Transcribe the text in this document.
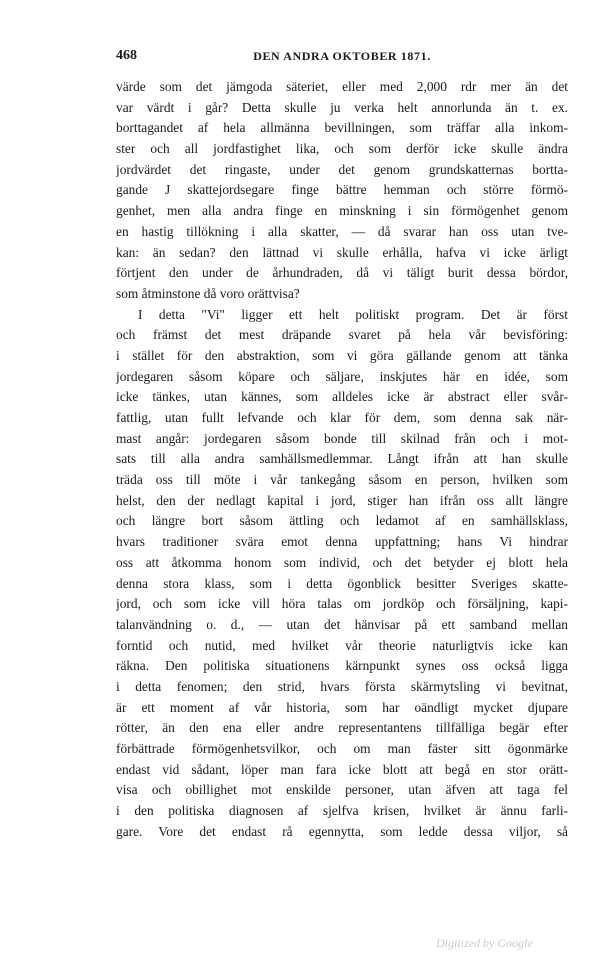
468	DEN ANDRA OKTOBER 1871.
värde som det jämgoda säteriet, eller med 2,000 rdr mer än det
var värdt i går? Detta skulle ju verka helt annorlunda än t. ex.
borttagandet af hela allmänna bevillningen, som träffar alla inkom-
ster och all jordfastighet lika, och som derför icke skulle ändra
jordvärdet det ringaste, under det genom grundskatternas bortta-
gande J skattejordsegare finge bättre hemman och större förmö-
genhet, men alla andra finge en minskning i sin förmögenhet genom
en hastig tillökning i alla skatter, — då svarar han oss utan tve-
kan: än sedan? den lättnad vi skulle erhålla, hafva vi icke ärligt
förtjent den under de århundraden, då vi täligt burit dessa bördor,
som åtminstone då voro orättvisa?
I detta "Vi" ligger ett helt politiskt program. Det är först
och främst det mest dräpande svaret på hela vår bevisföring:
i stället för den abstraktion, som vi göra gällande genom att tänka
jordegaren såsom köpare och säljare, inskjutes här en idée, som
icke tänkes, utan kännes, som alldeles icke är abstract eller svår-
fattlig, utan fullt lefvande och klar för dem, som denna sak när-
mast angår: jordegaren såsom bonde till skilnad från och i mot-
sats till alla andra samhällsmedlemmar. Långt ifrån att han skulle
träda oss till möte i vår tankegång såsom en person, hvilken som
helst, den der nedlagt kapital i jord, stiger han ifrån oss allt längre
och längre bort såsom ättling och ledamot af en samhällsklass,
hvars traditioner svära emot denna uppfattning; hans Vi hindrar
oss att åtkomma honom som individ, och det betyder ej blott hela
denna stora klass, som i detta ögonblick besitter Sveriges skatte-
jord, och som icke vill höra talas om jordköp och försäljning, kapi-
talanvändning o. d., — utan det hänvisar på ett samband mellan
forntid och nutid, med hvilket vår theorie naturligtvis icke kan
räkna. Den politiska situationens kärnpunkt synes oss också ligga
i detta fenomen; den strid, hvars första skärmytsling vi bevitnat,
är ett moment af vår historia, som har oändligt mycket djupare
rötter, än den ena eller andre representantens tillfälliga begär efter
förbättrade förmögenhetsvilkor, och om man fäster sitt ögonmärke
endast vid sådant, löper man fara icke blott att begå en stor orätt-
visa och obillighet mot enskilde personer, utan äfven att taga fel
i den politiska diagnosen af sjelfva krisen, hvilket är ännu farli-
gare. Vore det endast rå egennytta, som ledde dessa viljor, så
Digitized by Google
